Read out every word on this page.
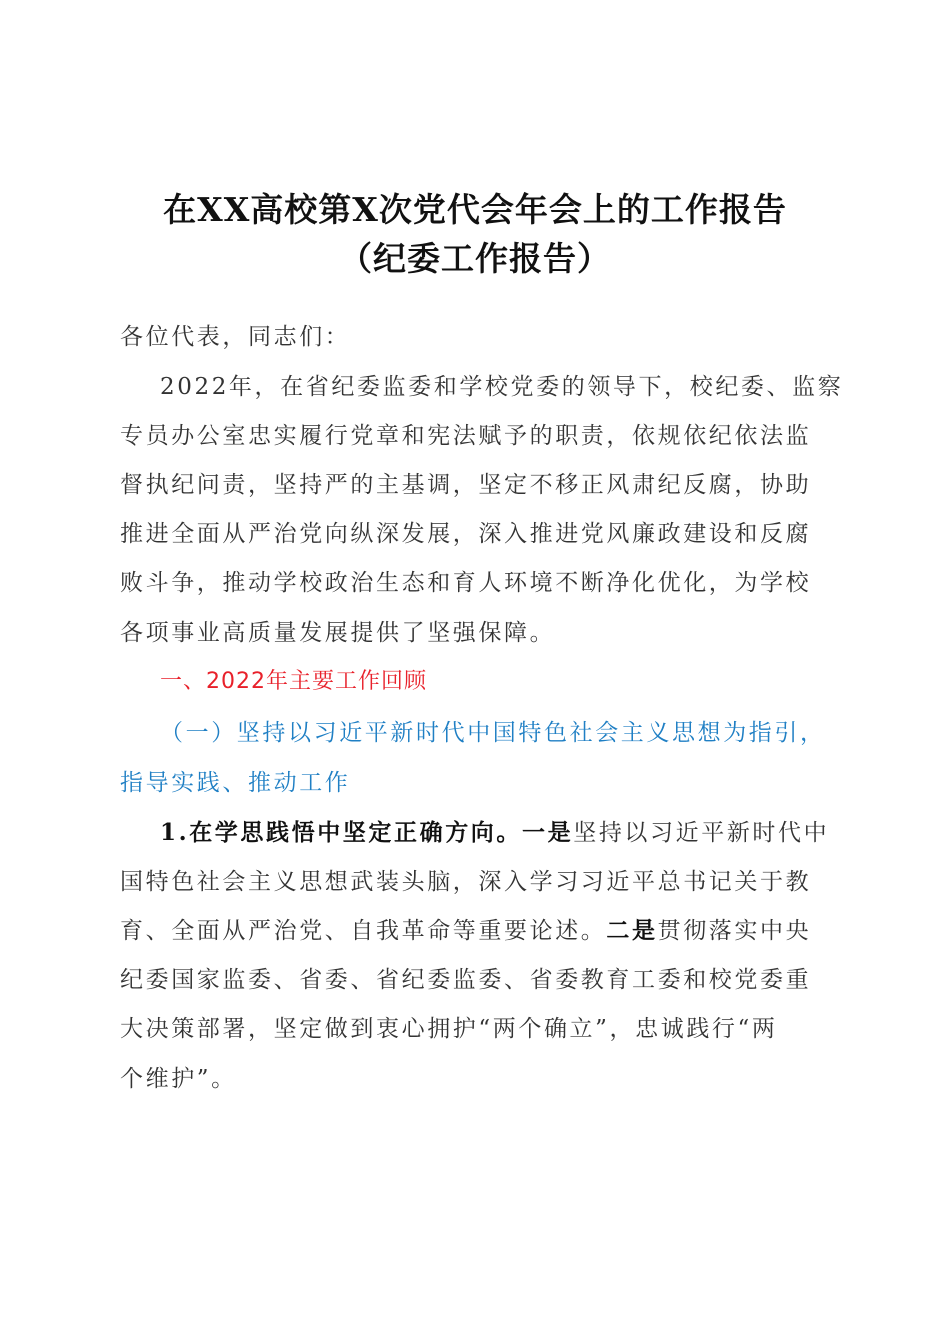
在XX高校第X次党代会年会上的工作报告
（纪委工作报告）

各位代表，同志们：

2022年，在省纪委监委和学校党委的领导下，校纪委、监察

专员办公室忠实履行党章和宪法赋予的职责，依规依纪依法监

督执纪问责，坚持严的主基调，坚定不移正风肃纪反腐，协助

推进全面从严治党向纵深发展，深入推进党风廉政建设和反腐

败斗争，推动学校政治生态和育人环境不断净化优化，为学校

各项事业高质量发展提供了坚强保障。

一、2022年主要工作回顾

（一）坚持以习近平新时代中国特色社会主义思想为指引，

指导实践、推动工作

1.在学思践悟中坚定正确方向。一是坚持以习近平新时代中

国特色社会主义思想武装头脑，深入学习习近平总书记关于教

育、全面从严治党、自我革命等重要论述。二是贯彻落实中央

纪委国家监委、省委、省纪委监委、省委教育工委和校党委重

大决策部署，坚定做到衷心拥护“两个确立”，忠诚践行“两

个维护”。
